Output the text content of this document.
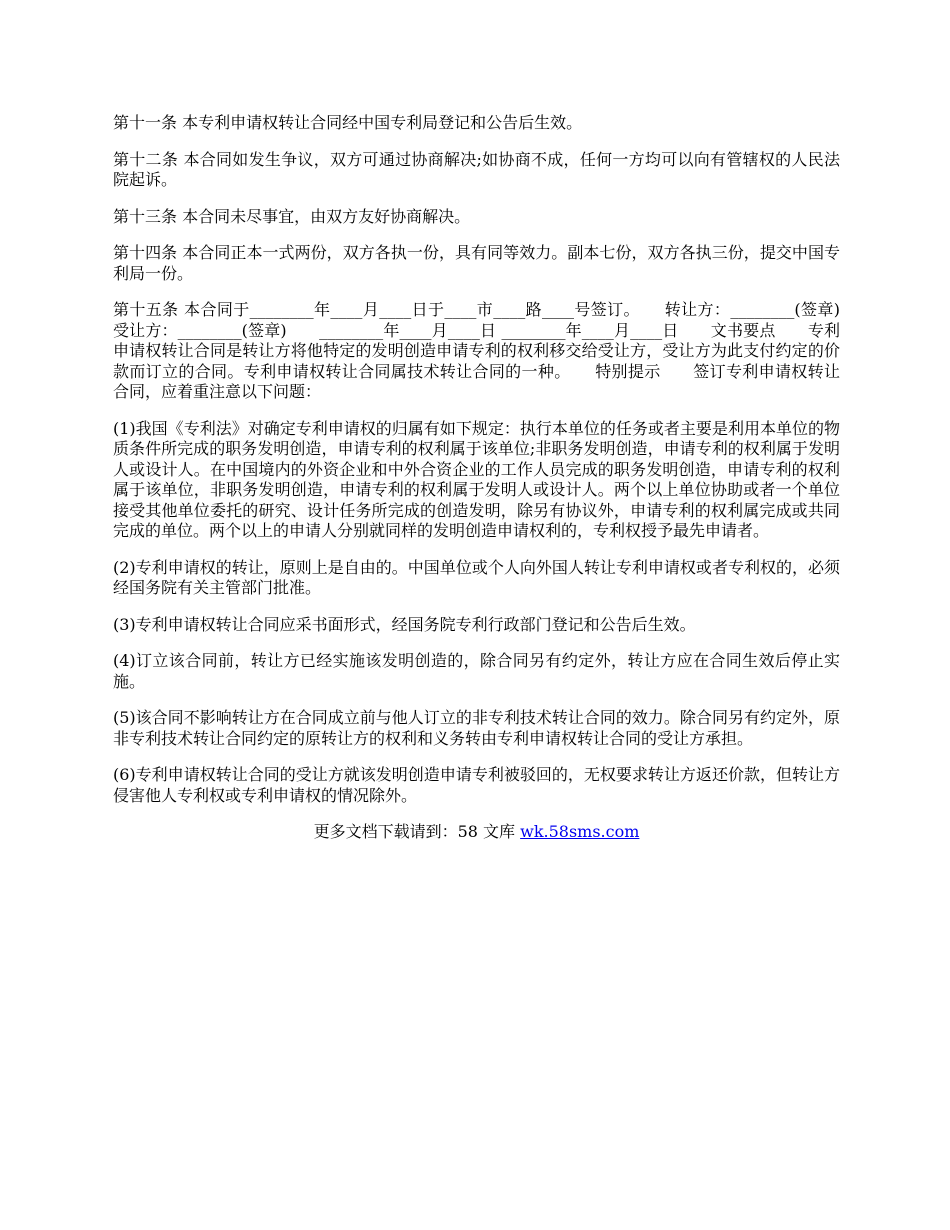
第十一条 本专利申请权转让合同经中国专利局登记和公告后生效。

第十二条 本合同如发生争议，双方可通过协商解决;如协商不成，任何一方均可以向有管辖权的人民法院起诉。

第十三条 本合同未尽事宜，由双方友好协商解决。

第十四条 本合同正本一式两份，双方各执一份，具有同等效力。副本七份，双方各执三份，提交中国专利局一份。

第十五条 本合同于________年____月____日于____市____路____号签订。　　转让方：________(签章) 受让方：________(签章)　　________年____月____日 ________年____月____日　　文书要点　　专利申请权转让合同是转让方将他特定的发明创造申请专利的权利移交给受让方，受让方为此支付约定的价款而订立的合同。专利申请权转让合同属技术转让合同的一种。　　特别提示　　签订专利申请权转让合同，应着重注意以下问题：

(1)我国《专利法》对确定专利申请权的归属有如下规定：执行本单位的任务或者主要是利用本单位的物质条件所完成的职务发明创造，申请专利的权利属于该单位;非职务发明创造，申请专利的权利属于发明人或设计人。在中国境内的外资企业和中外合资企业的工作人员完成的职务发明创造，申请专利的权利属于该单位，非职务发明创造，申请专利的权利属于发明人或设计人。两个以上单位协助或者一个单位接受其他单位委托的研究、设计任务所完成的创造发明，除另有协议外，申请专利的权利属完成或共同完成的单位。两个以上的申请人分别就同样的发明创造申请权利的，专利权授予最先申请者。

(2)专利申请权的转让，原则上是自由的。中国单位或个人向外国人转让专利申请权或者专利权的，必须经国务院有关主管部门批准。

(3)专利申请权转让合同应采书面形式，经国务院专利行政部门登记和公告后生效。

(4)订立该合同前，转让方已经实施该发明创造的，除合同另有约定外，转让方应在合同生效后停止实施。

(5)该合同不影响转让方在合同成立前与他人订立的非专利技术转让合同的效力。除合同另有约定外，原非专利技术转让合同约定的原转让方的权利和义务转由专利申请权转让合同的受让方承担。

(6)专利申请权转让合同的受让方就该发明创造申请专利被驳回的，无权要求转让方返还价款，但转让方侵害他人专利权或专利申请权的情况除外。

更多文档下载请到：58 文库 wk.58sms.com
